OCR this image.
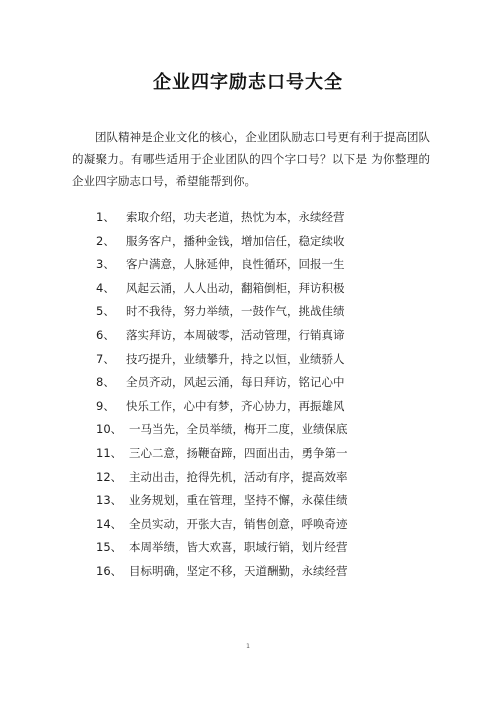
企业四字励志口号大全
团队精神是企业文化的核心，企业团队励志口号更有利于提高团队的凝聚力。有哪些适用于企业团队的四个字口号？以下是 为你整理的企业四字励志口号，希望能帮到你。
1、 索取介绍，功夫老道，热忱为本，永续经营
2、 服务客户，播种金钱，增加信任，稳定续收
3、 客户满意，人脉延伸，良性循环，回报一生
4、 风起云涌，人人出动，翻箱倒柜，拜访积极
5、 时不我待，努力举绩，一鼓作气，挑战佳绩
6、 落实拜访，本周破零，活动管理，行销真谛
7、 技巧提升，业绩攀升，持之以恒，业绩骄人
8、 全员齐动，风起云涌，每日拜访，铭记心中
9、 快乐工作，心中有梦，齐心协力，再振雄风
10、 一马当先，全员举绩，梅开二度，业绩保底
11、 三心二意，扬鞭奋蹄，四面出击，勇争第一
12、 主动出击，抢得先机，活动有序，提高效率
13、 业务规划，重在管理，坚持不懈，永葆佳绩
14、 全员实动，开张大吉，销售创意，呼唤奇迹
15、 本周举绩，皆大欢喜，职域行销，划片经营
16、 目标明确，坚定不移，天道酬勤，永续经营
1
